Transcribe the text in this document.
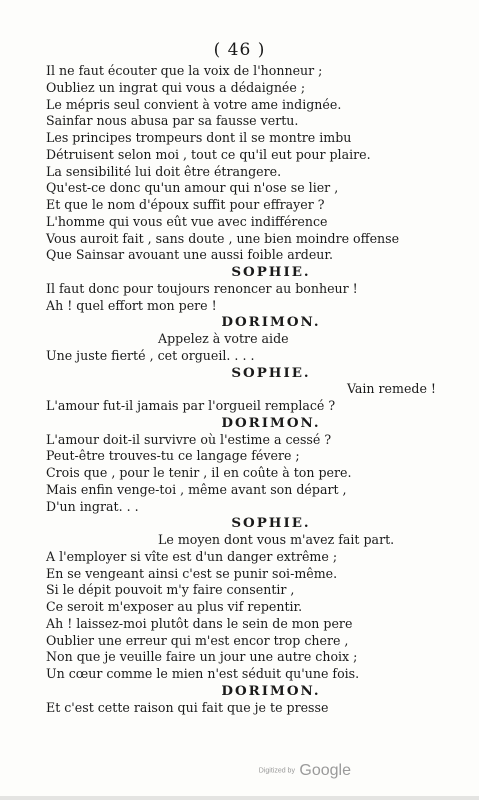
( 46 )
Il ne faut écouter que la voix de l'honneur ;
Oubliez un ingrat qui vous a dédaignée ;
Le mépris seul convient à votre ame indignée.
Sainfar nous abusa par sa fausse vertu.
Les principes trompeurs dont il se montre imbu
Détruisent selon moi , tout ce qu'il eut pour plaire.
La sensibilité lui doit être étrangere.
Qu'est-ce donc qu'un amour qui n'ose se lier ,
Et que le nom d'époux suffit pour effrayer ?
L'homme qui vous eût vue avec indifférence
Vous auroit fait , sans doute , une bien moindre offense
Que Sainsar avouant une aussi foible ardeur.
SOPHIE.
Il faut donc pour toujours renoncer au bonheur !
Ah ! quel effort mon pere !
DORIMON.
Appelez à votre aide
Une juste fierté , cet orgueil. . . .
SOPHIE.
Vain remede !
L'amour fut-il jamais par l'orgueil remplacé ?
DORIMON.
L'amour doit-il survivre où l'estime a cessé ?
Peut-être trouves-tu ce langage févere ;
Crois que , pour le tenir , il en coûte à ton pere.
Mais enfin venge-toi , même avant son départ ,
D'un ingrat. . .
SOPHIE.
Le moyen dont vous m'avez fait part.
A l'employer si vîte est d'un danger extrême ;
En se vengeant ainsi c'est se punir soi-même.
Si le dépit pouvoit m'y faire consentir ,
Ce seroit m'exposer au plus vif repentir.
Ah ! laissez-moi plutôt dans le sein de mon pere
Oublier une erreur qui m'est encor trop chere ,
Non que je veuille faire un jour une autre choix ;
Un cœur comme le mien n'est séduit qu'une fois.
DORIMON.
Et c'est cette raison qui fait que je te presse
Digitized by Google
